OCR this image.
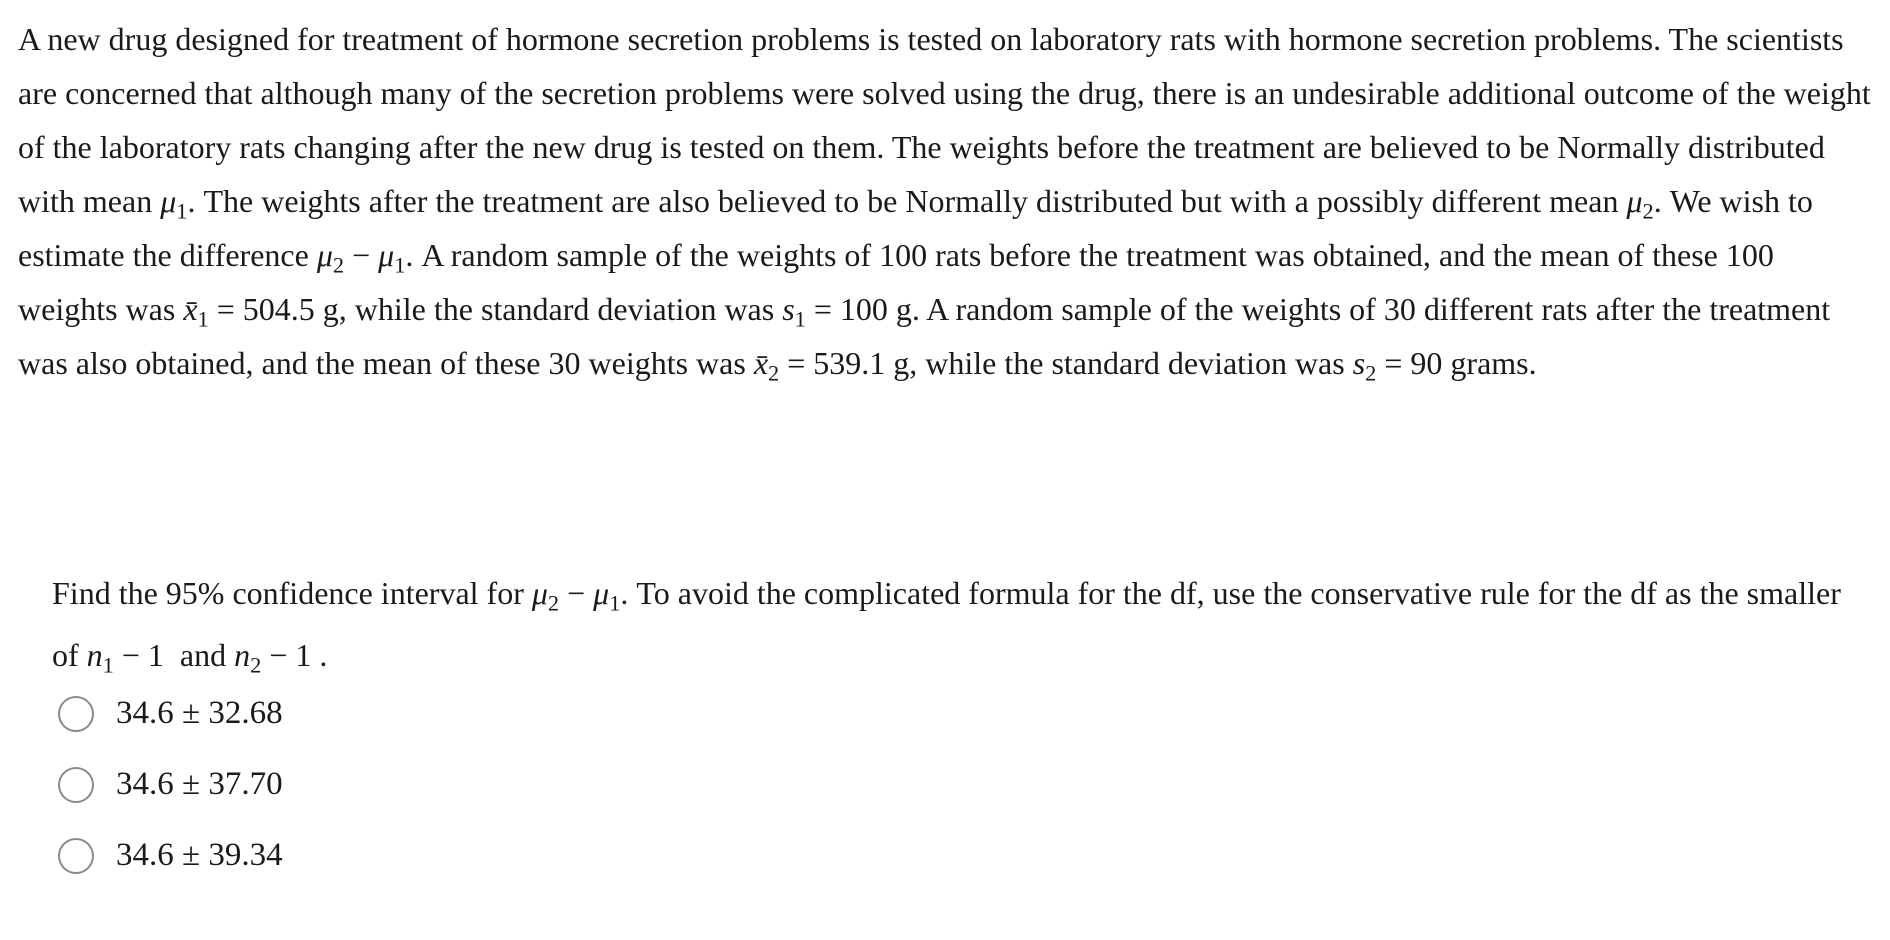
A new drug designed for treatment of hormone secretion problems is tested on laboratory rats with hormone secretion problems. The scientists are concerned that although many of the secretion problems were solved using the drug, there is an undesirable additional outcome of the weight of the laboratory rats changing after the new drug is tested on them. The weights before the treatment are believed to be Normally distributed with mean $\mu_1$. The weights after the treatment are also believed to be Normally distributed but with a possibly different mean $\mu_2$. We wish to estimate the difference $\mu_2 - \mu_1$. A random sample of the weights of 100 rats before the treatment was obtained, and the mean of these 100 weights was $x̄_1 = 504.5$ g, while the standard deviation was $s_1 = 100$ g. A random sample of the weights of 30 different rats after the treatment was also obtained, and the mean of these 30 weights was $x̄_2 = 539.1$ g, while the standard deviation was $s_2 = 90$ grams.

Find the 95% confidence interval for $\mu_2 - \mu_1$. To avoid the complicated formula for the df, use the conservative rule for the df as the smaller of $n_1 - 1$ and $n_2 - 1$ .

34.6 ± 32.68
34.6 ± 37.70
34.6 ± 39.34
